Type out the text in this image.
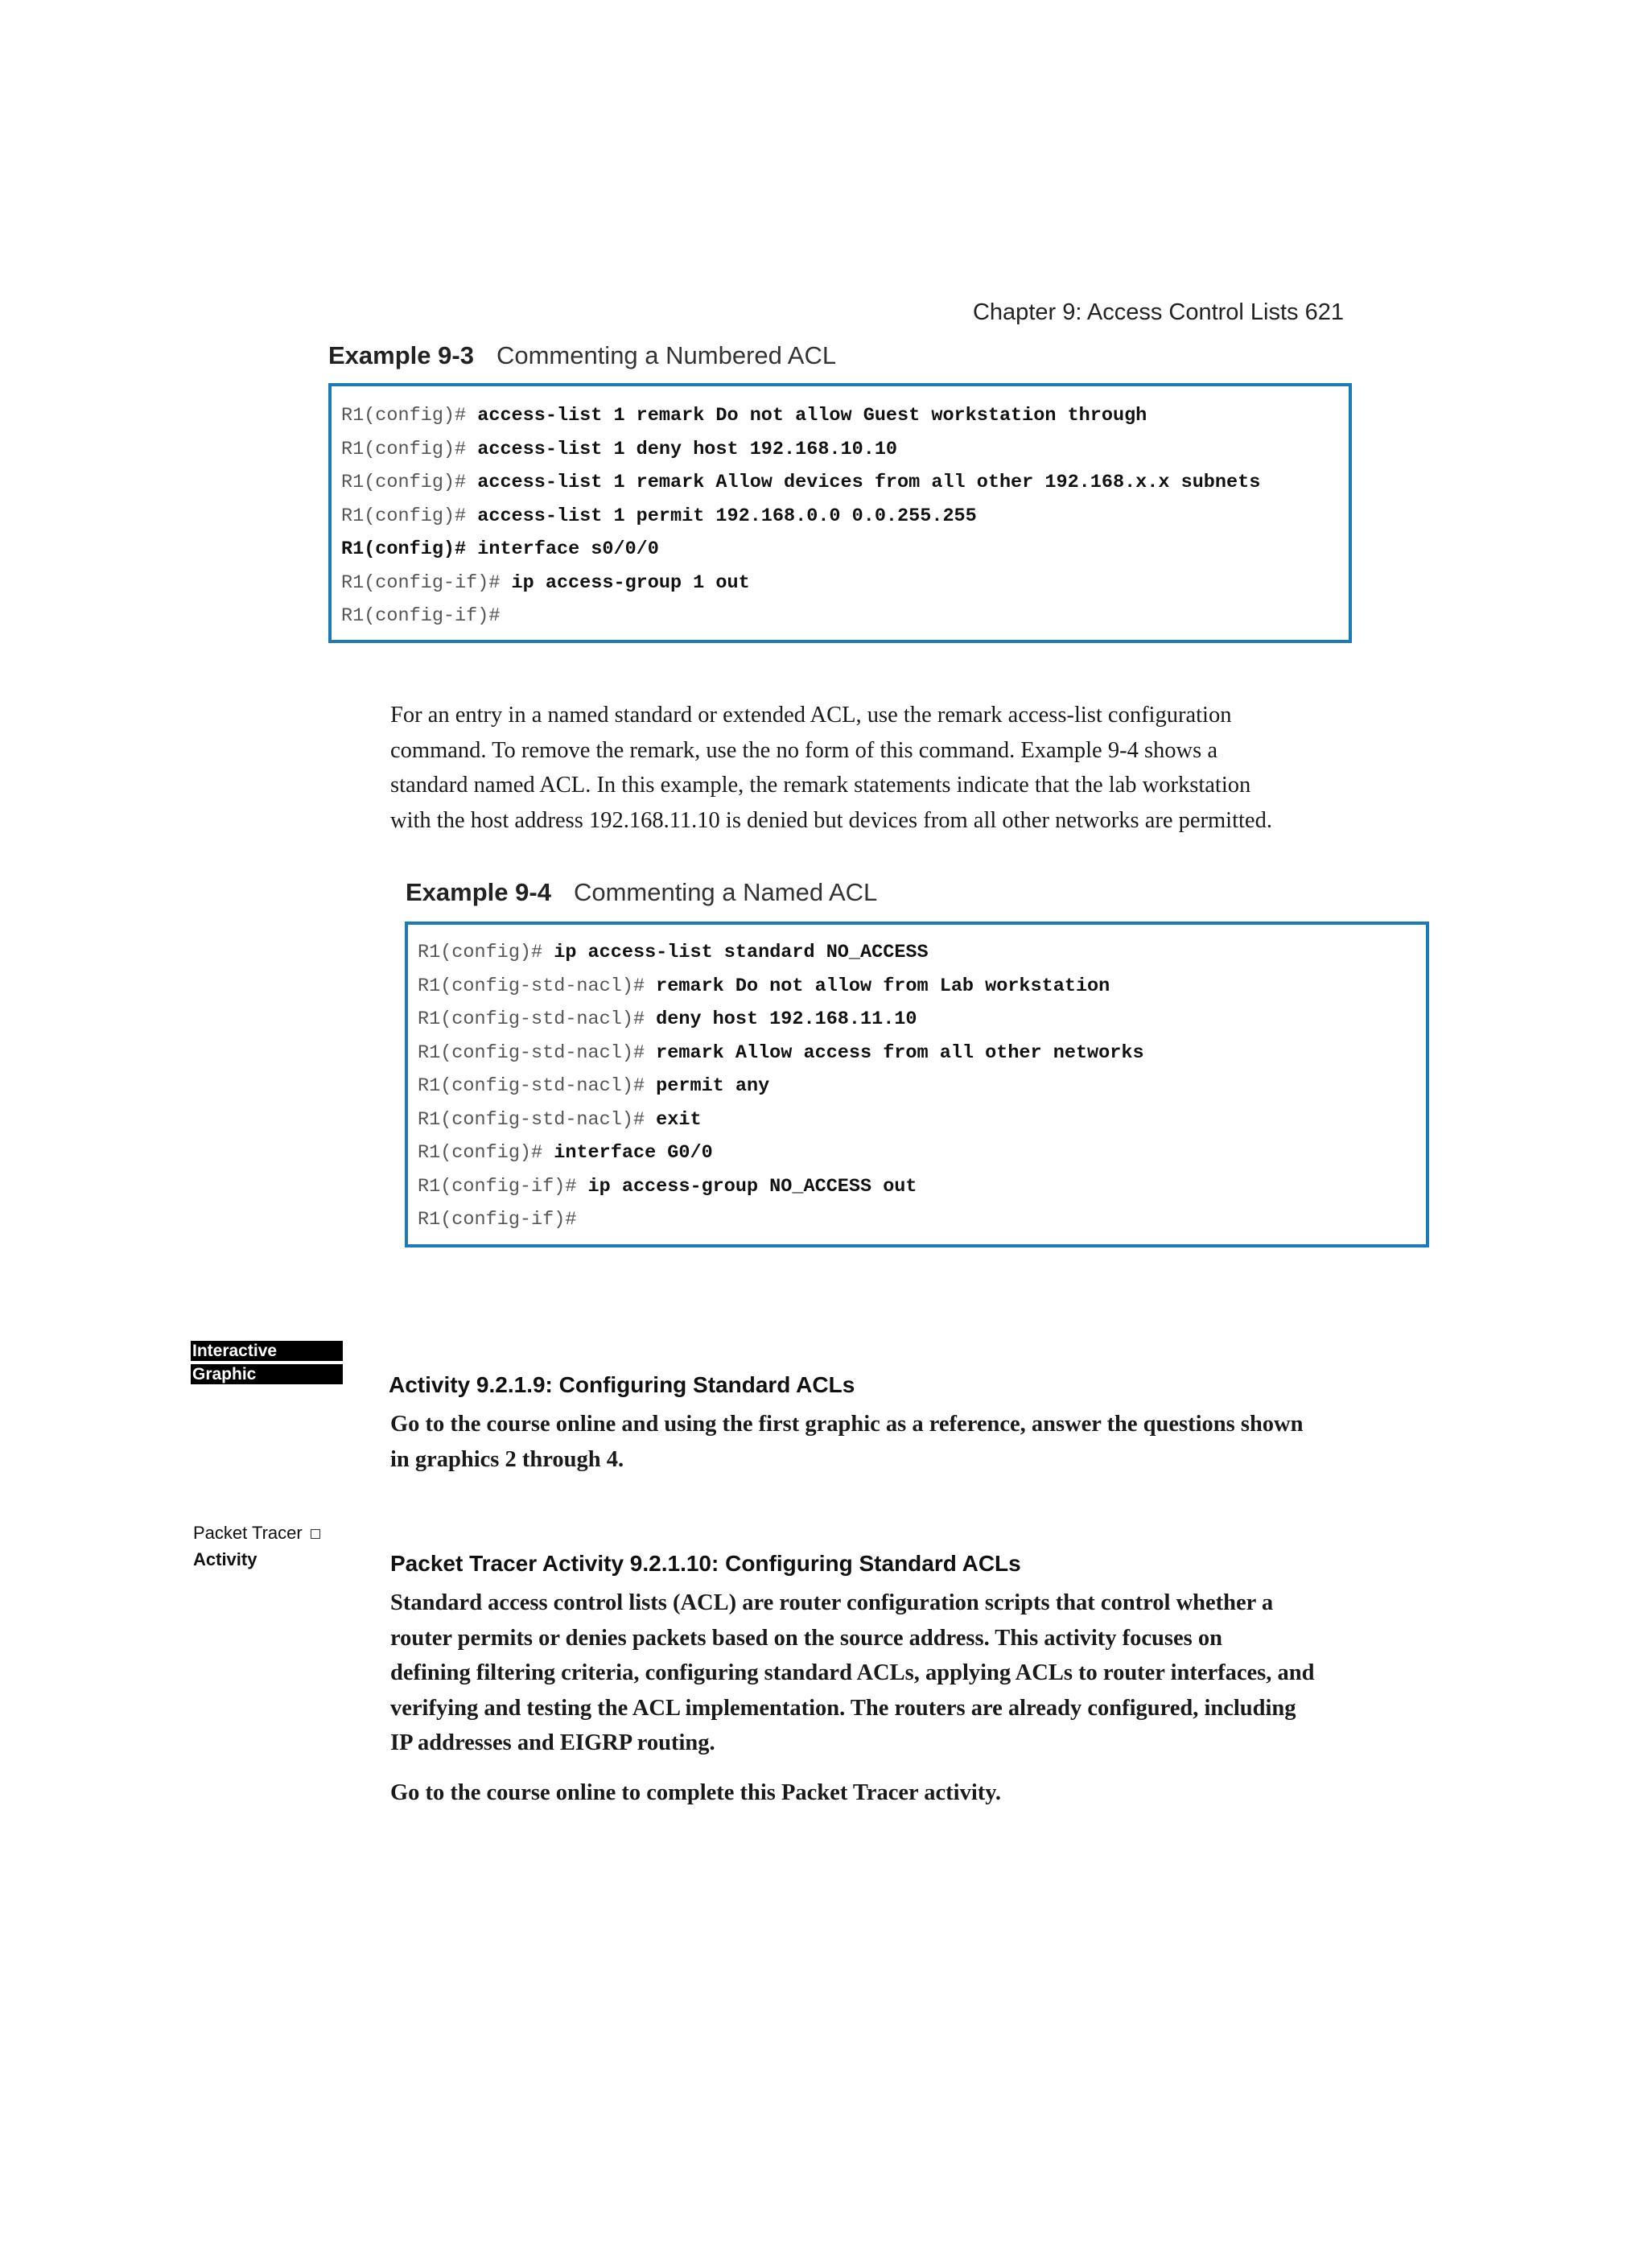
Chapter 9: Access Control Lists 621
Example 9-3 Commenting a Numbered ACL
R1(config)# access-list 1 remark Do not allow Guest workstation through
R1(config)# access-list 1 deny host 192.168.10.10
R1(config)# access-list 1 remark Allow devices from all other 192.168.x.x subnets
R1(config)# access-list 1 permit 192.168.0.0 0.0.255.255
R1(config)# interface s0/0/0
R1(config-if)# ip access-group 1 out
R1(config-if)#
For an entry in a named standard or extended ACL, use the remark access-list configuration
command. To remove the remark, use the no form of this command. Example 9-4 shows a
standard named ACL. In this example, the remark statements indicate that the lab workstation
with the host address 192.168.11.10 is denied but devices from all other networks are permitted.
Example 9-4 Commenting a Named ACL
R1(config)# ip access-list standard NO_ACCESS
R1(config-std-nacl)# remark Do not allow from Lab workstation
R1(config-std-nacl)# deny host 192.168.11.10
R1(config-std-nacl)# remark Allow access from all other networks
R1(config-std-nacl)# permit any
R1(config-std-nacl)# exit
R1(config)# interface G0/0
R1(config-if)# ip access-group NO_ACCESS out
R1(config-if)#
Interactive
Graphic	Activity 9.2.1.9: Configuring Standard ACLs
Go to the course online and using the first graphic as a reference, answer the questions shown
in graphics 2 through 4.
Packet Tracer
Activity	Packet Tracer Activity 9.2.1.10: Configuring Standard ACLs
Standard access control lists (ACL) are router configuration scripts that control whether a
router permits or denies packets based on the source address. This activity focuses on
defining filtering criteria, configuring standard ACLs, applying ACLs to router interfaces, and
verifying and testing the ACL implementation. The routers are already configured, including
IP addresses and EIGRP routing.
Go to the course online to complete this Packet Tracer activity.
